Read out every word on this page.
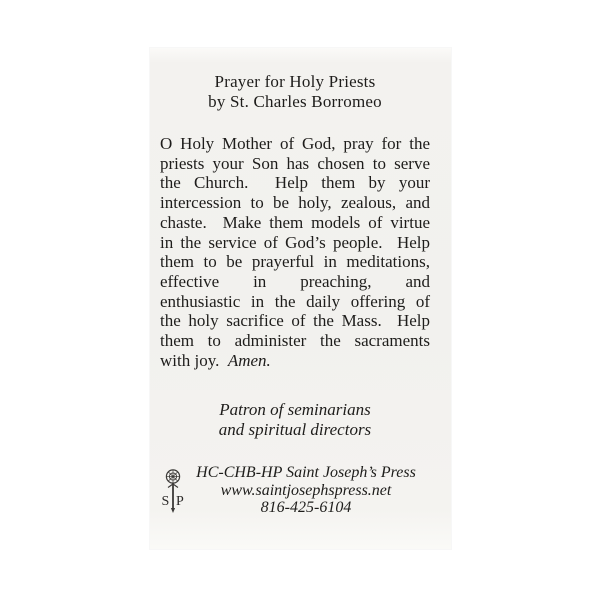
Prayer for Holy Priests
by St. Charles Borromeo
O Holy Mother of God, pray for the
priests your Son has chosen to serve
the Church.  Help them by your
intercession to be holy, zealous, and
chaste.  Make them models of virtue
in the service of God’s people.  Help
them to be prayerful in meditations,
effective in preaching, and
enthusiastic in the daily offering of
the holy sacrifice of the Mass.  Help
them to administer the sacraments
with joy.  Amen.
Patron of seminarians
and spiritual directors
S P
HC-CHB-HP Saint Joseph’s Press
www.saintjosephspress.net
816-425-6104
